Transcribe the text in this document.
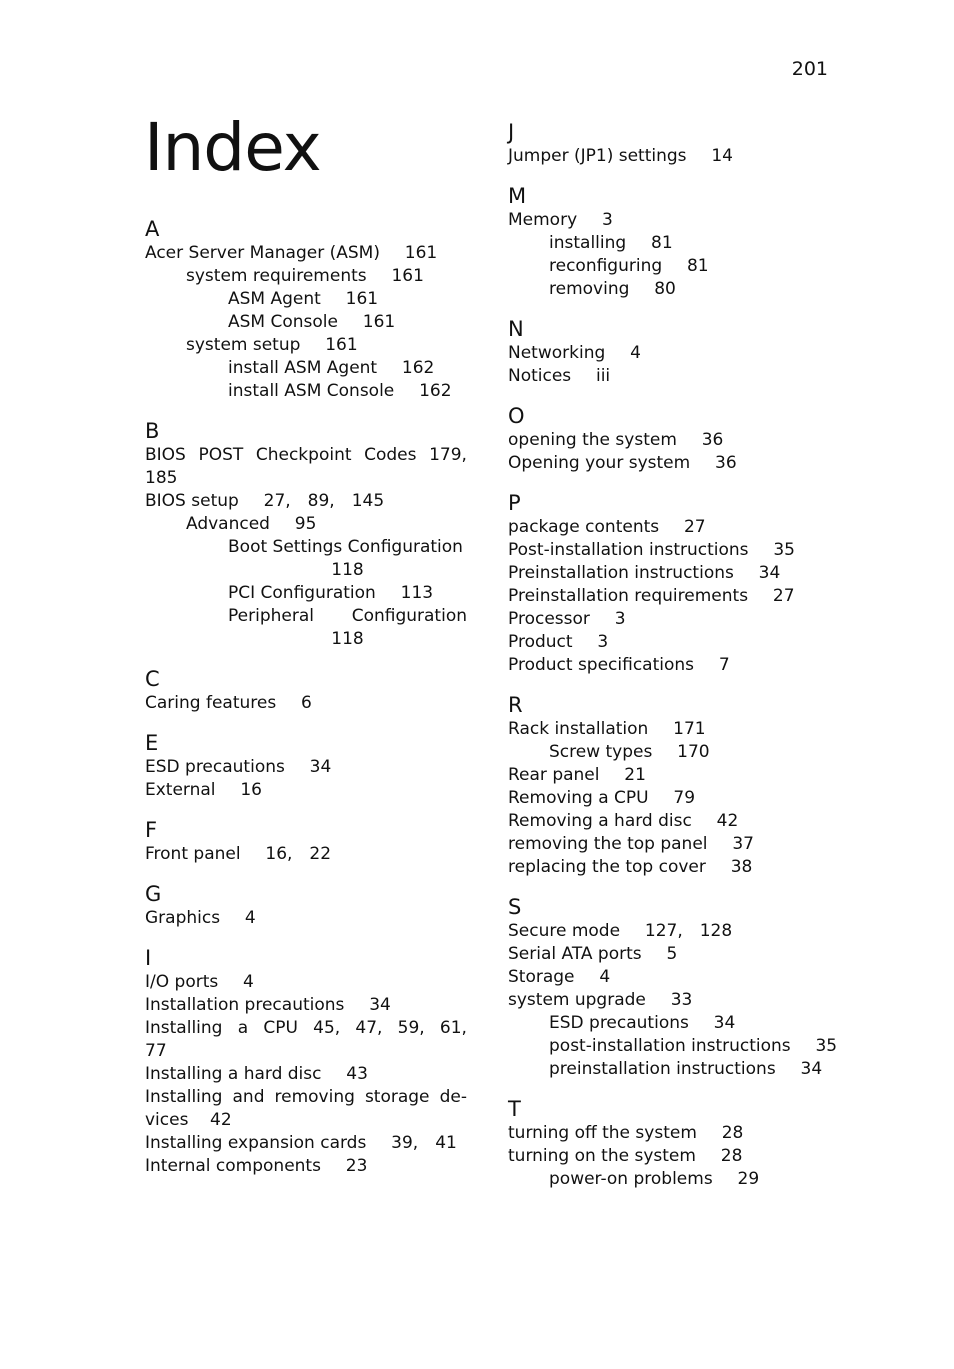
201
Index
A
Acer Server Manager (ASM) 161
system requirements 161
ASM Agent 161
ASM Console 161
system setup 161
install ASM Agent 162
install ASM Console 162
B
BIOS POST Checkpoint Codes 179,
185
BIOS setup 27, 89, 145
Advanced 95
Boot Settings Configuration
118
PCI Configuration 113
Peripheral Configuration
118
C
Caring features 6
E
ESD precautions 34
External 16
F
Front panel 16, 22
G
Graphics 4
I
I/O ports 4
Installation precautions 34
Installing a CPU 45, 47, 59, 61,
77
Installing a hard disc 43
Installing and removing storage de-
vices    42
Installing expansion cards 39, 41
Internal components 23
J
Jumper (JP1) settings 14
M
Memory 3
installing 81
reconfiguring 81
removing 80
N
Networking 4
Notices iii
O
opening the system 36
Opening your system 36
P
package contents 27
Post-installation instructions 35
Preinstallation instructions 34
Preinstallation requirements 27
Processor 3
Product 3
Product specifications 7
R
Rack installation 171
Screw types 170
Rear panel 21
Removing a CPU 79
Removing a hard disc 42
removing the top panel 37
replacing the top cover 38
S
Secure mode 127, 128
Serial ATA ports 5
Storage 4
system upgrade 33
ESD precautions 34
post-installation instructions 35
preinstallation instructions 34
T
turning off the system 28
turning on the system 28
power-on problems 29
